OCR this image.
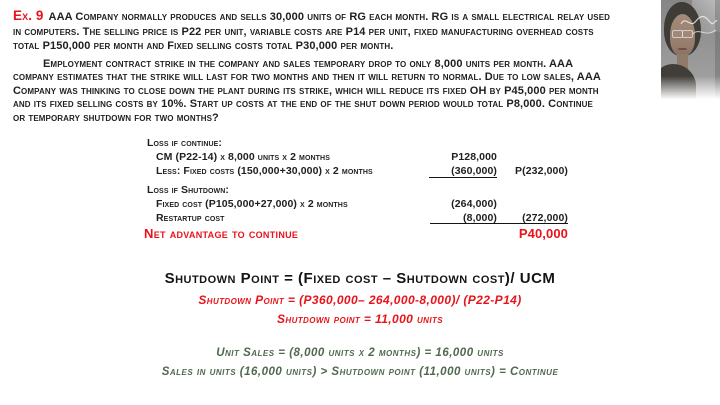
Ex. 9 AAA Company normally produces and sells 30,000 units of RG each month. RG is a small electrical relay used
in computers. The selling price is P22 per unit, variable costs are P14 per unit, fixed manufacturing overhead costs
total P150,000 per month and Fixed selling costs total P30,000 per month.
Employment contract strike in the company and sales temporary drop to only 8,000 units per month. AAA
company estimates that the strike will last for two months and then it will return to normal. Due to low sales, AAA
Company was thinking to close down the plant during its strike, which will reduce its fixed OH by P45,000 per month
and its fixed selling costs by 10%. Start up costs at the end of the shut down period would total P8,000. Continue
or temporary shutdown for two months?
Loss if continue:
CM (P22-14) x 8,000 units x 2 months	P128,000
Less: Fixed costs (150,000+30,000) x 2 months	(360,000)	P(232,000)
Loss if Shutdown:
Fixed cost (P105,000+27,000) x 2 months	(264,000)
Restartup cost	(8,000)	(272,000)
Net advantage to continue	P40,000
Shutdown Point = (Fixed cost – Shutdown cost)/ UCM
Shutdown Point = (P360,000– 264,000-8,000)/ (P22-P14)
Shutdown point = 11,000 units
Unit Sales = (8,000 units x 2 months) = 16,000 units
Sales in units (16,000 units) > Shutdown point (11,000 units) = Continue
